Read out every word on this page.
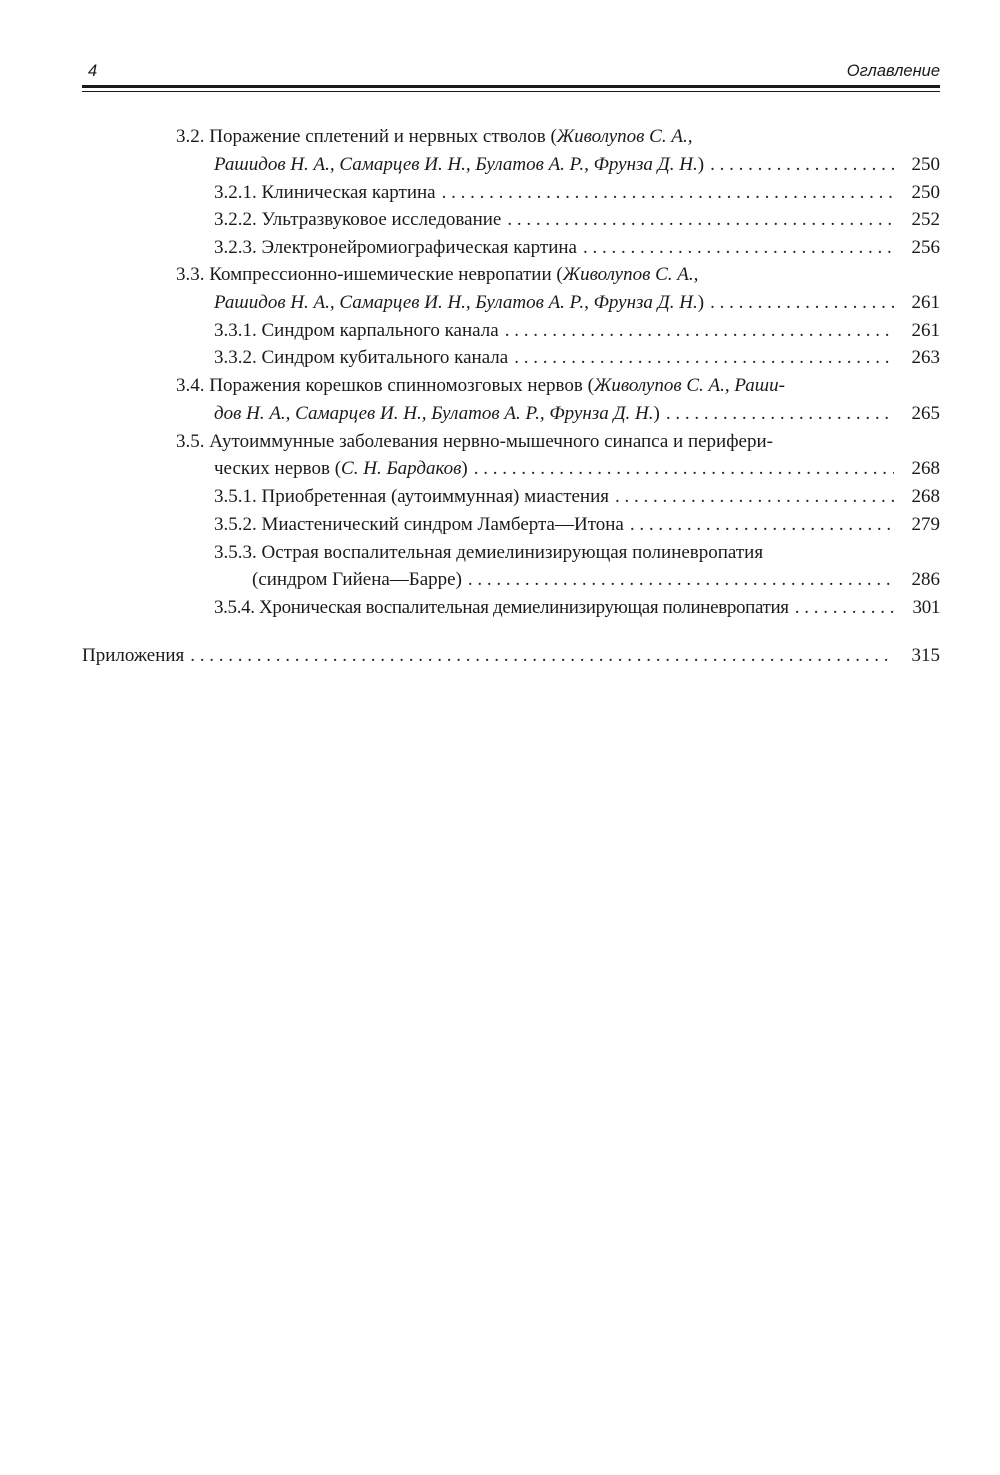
4	Оглавление
3.2. Поражение сплетений и нервных стволов (Живолупов С. А.,
Рашидов Н. А., Самарцев И. Н., Булатов А. Р., Фрунза Д. Н.) . . .	250
3.2.1. Клиническая картина . . .	250
3.2.2. Ультразвуковое исследование . . .	252
3.2.3. Электронейромиографическая картина . . .	256
3.3. Компрессионно-ишемические невропатии (Живолупов С. А.,
Рашидов Н. А., Самарцев И. Н., Булатов А. Р., Фрунза Д. Н.) . . .	261
3.3.1. Синдром карпального канала . . .	261
3.3.2. Синдром кубитального канала . . .	263
3.4. Поражения корешков спинномозговых нервов (Живолупов С. А., Раши-
дов Н. А., Самарцев И. Н., Булатов А. Р., Фрунза Д. Н.) . . .	265
3.5. Аутоиммунные заболевания нервно-мышечного синапса и перифери-
ческих нервов (С. Н. Бардаков) . . .	268
3.5.1. Приобретенная (аутоиммунная) миастения . . .	268
3.5.2. Миастенический синдром Ламберта—Итона . . .	279
3.5.3. Острая воспалительная демиелинизирующая полиневропатия
(синдром Гийена—Барре) . . .	286
3.5.4. Хроническая воспалительная демиелинизирующая полиневропатия . . .	301
Приложения . . .	315
